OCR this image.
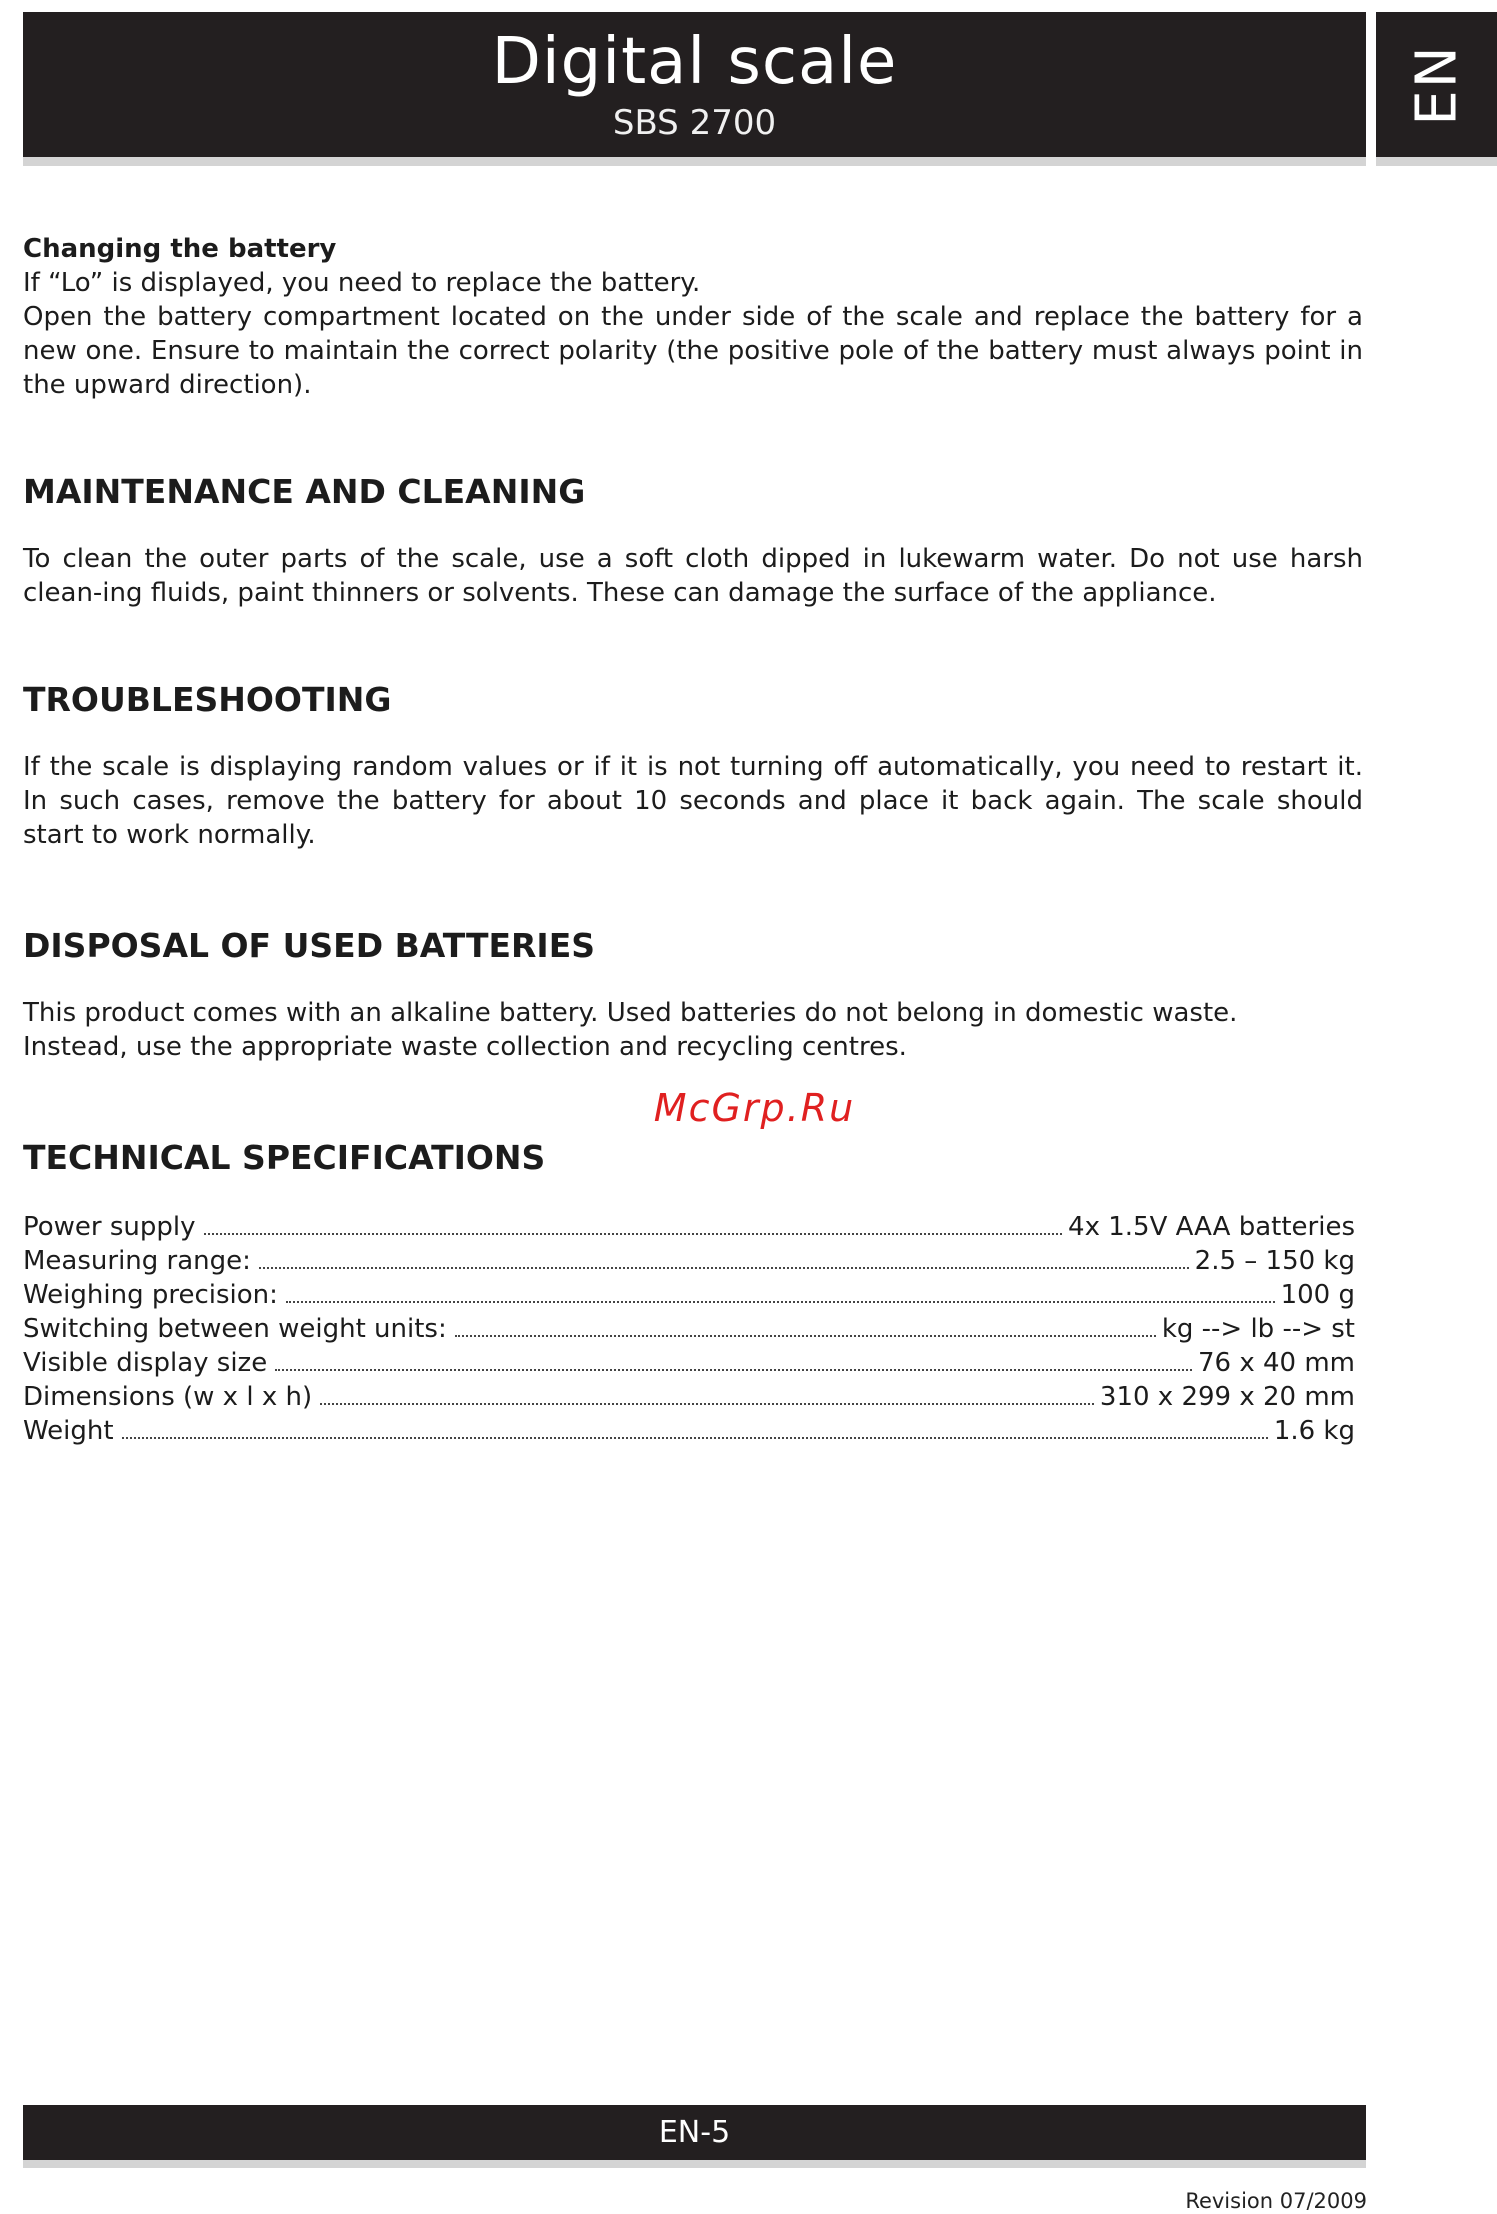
Digital scale
SBS 2700	EN

Changing the battery

If “Lo” is displayed, you need to replace the battery.

Open the battery compartment located on the under side of the scale and replace the battery for a new one. Ensure to maintain the correct polarity (the positive pole of the battery must always point in the upward direction).

MAINTENANCE AND CLEANING

To clean the outer parts of the scale, use a soft cloth dipped in lukewarm water. Do not use harsh clean-ing fluids, paint thinners or solvents. These can damage the surface of the appliance.

TROUBLESHOOTING

If the scale is displaying random values or if it is not turning off automatically, you need to restart it. In such cases, remove the battery for about 10 seconds and place it back again. The scale should start to work normally.

DISPOSAL OF USED BATTERIES

This product comes with an alkaline battery. Used batteries do not belong in domestic waste.

Instead, use the appropriate waste collection and recycling centres.

McGrp.Ru
TECHNICAL SPECIFICATIONS
Power supply	4x 1.5V AAA batteries
Measuring range:	2.5 – 150 kg
Weighing precision:	100 g
Switching between weight units:	kg --> lb --> st
Visible display size	76 x 40 mm
Dimensions (w x l x h)	310 x 299 x 20 mm
Weight	1.6 kg
EN-5
Revision 07/2009
